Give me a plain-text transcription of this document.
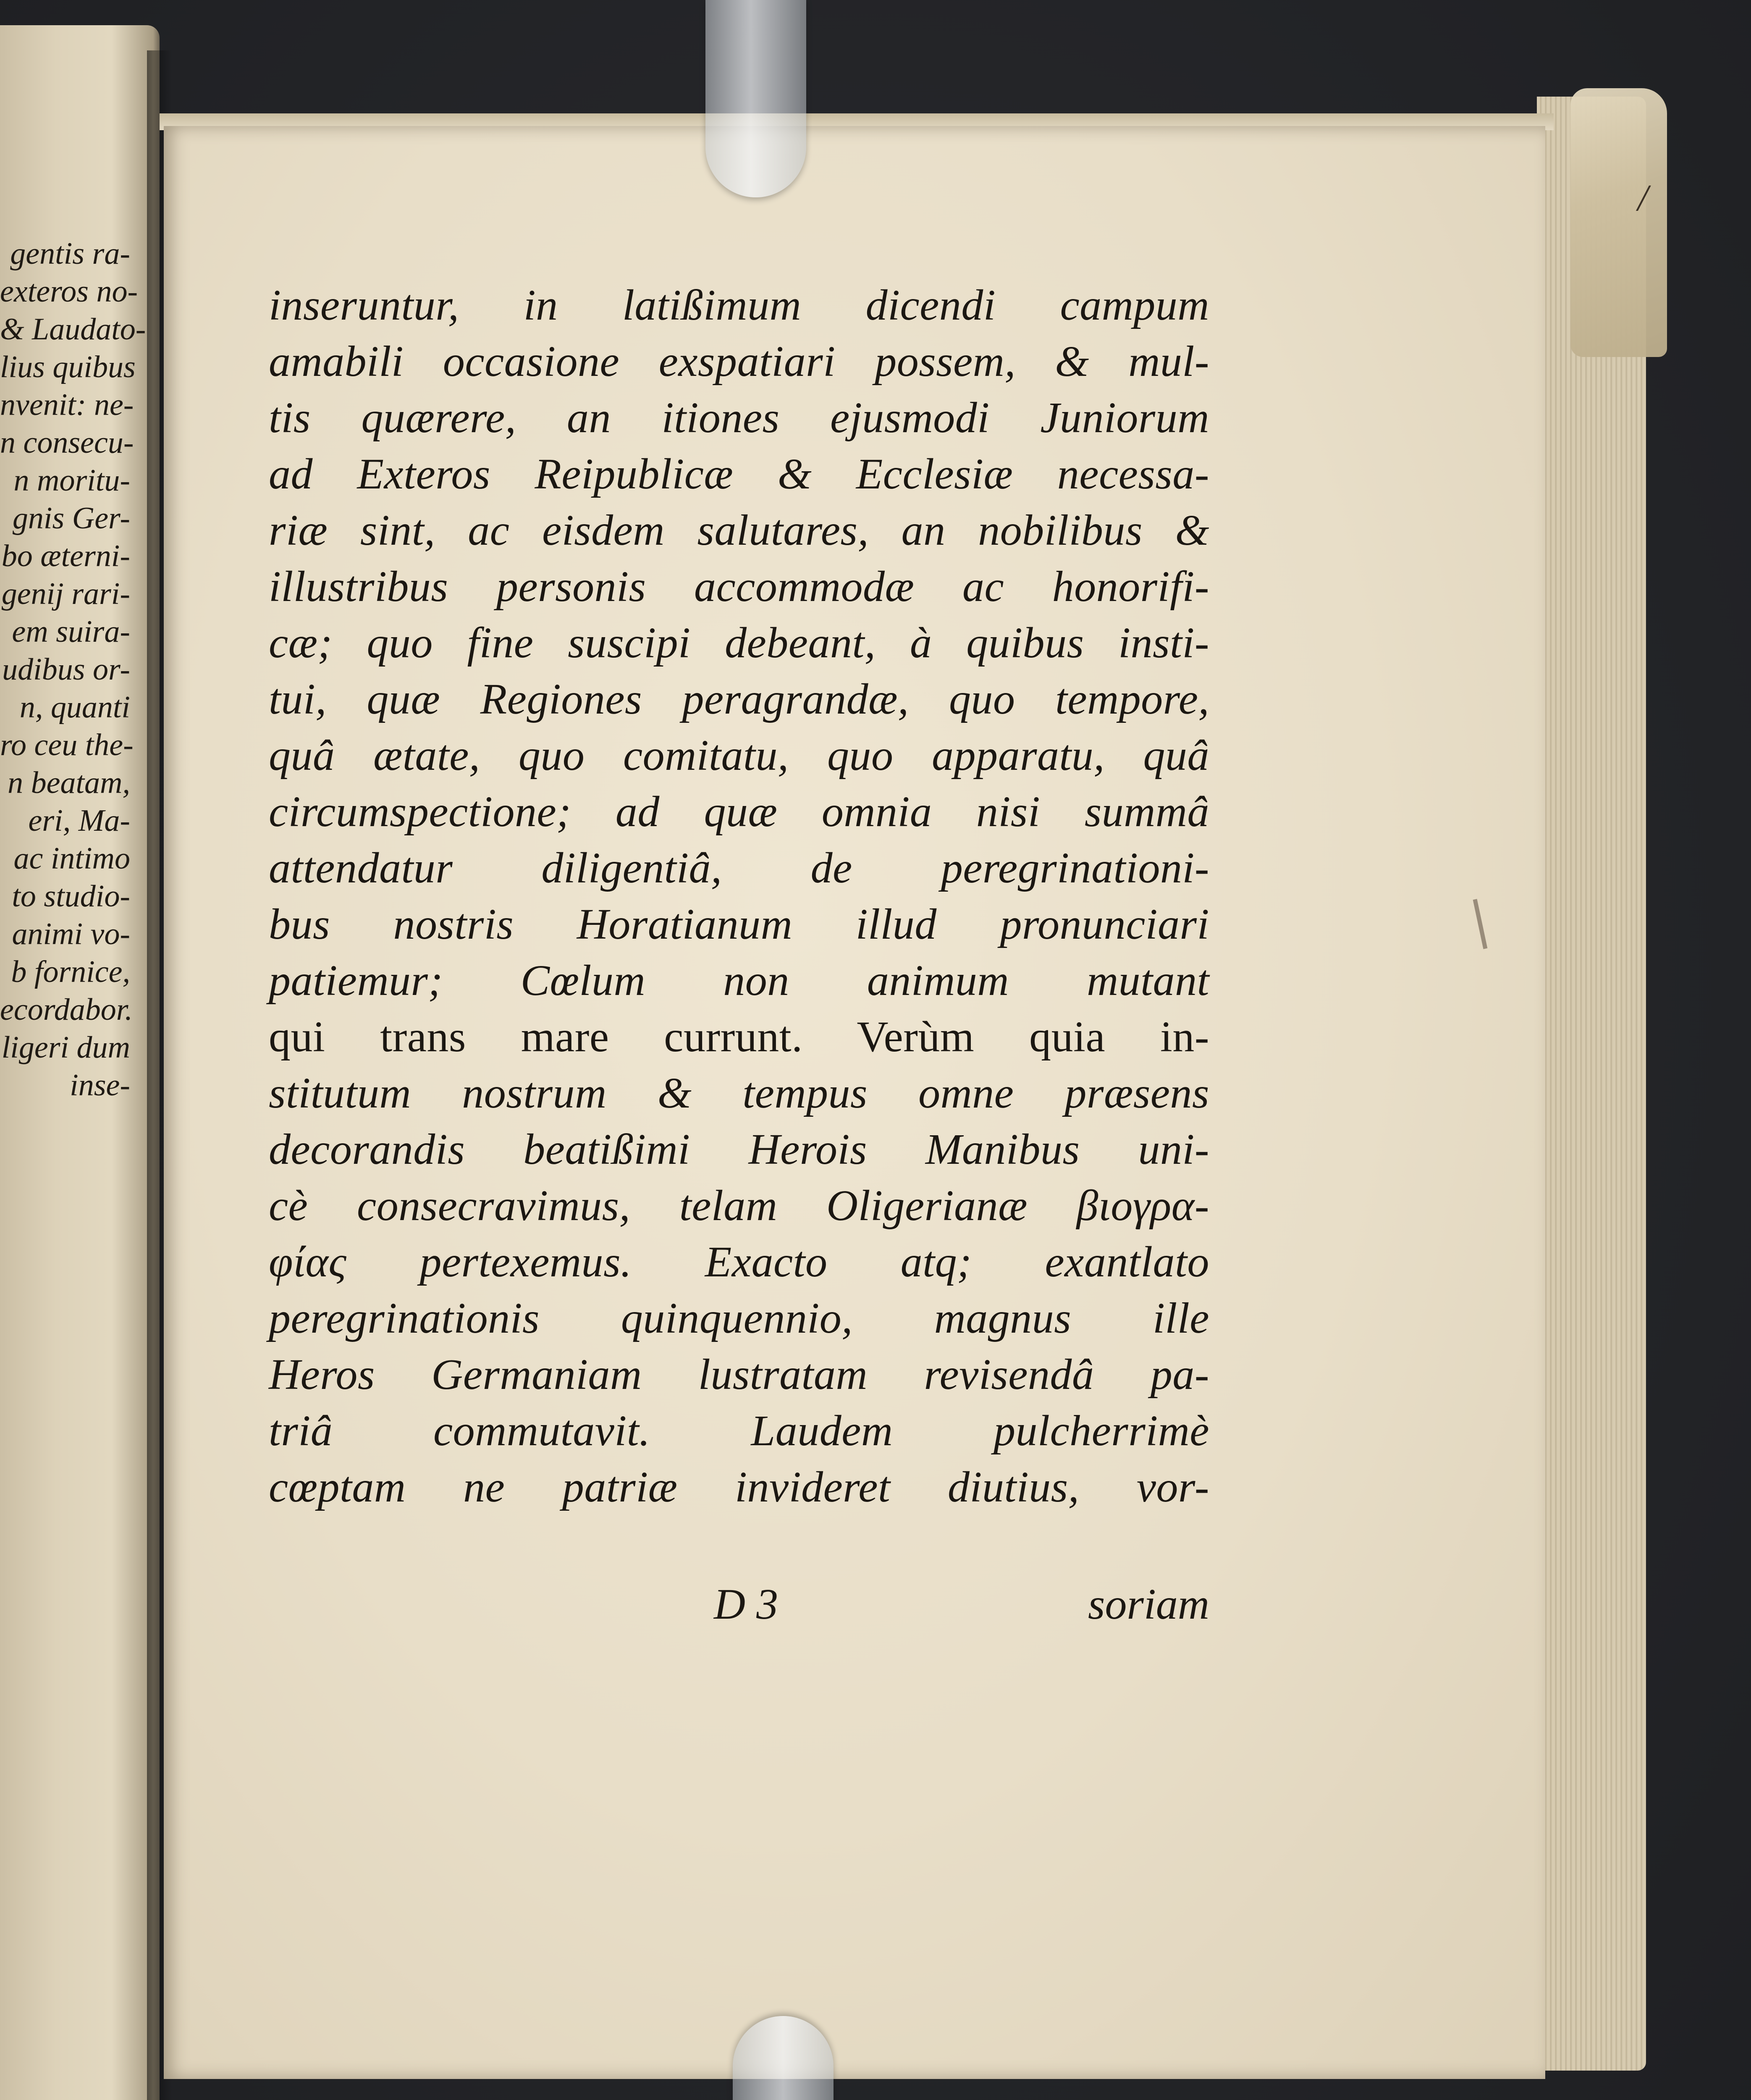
gentis ra-
exteros no-
& Laudato-
lius quibus
nvenit: ne-
n consecu-
n moritu-
gnis Ger-
bo æterni-
genij rari-
em suira-
udibus or-
n, quanti
ro ceu the-
n beatam,
eri, Ma-
ac intimo
to studio-
animi vo-
b fornice,
ecordabor.
ligeri dum
inse-
inseruntur, in latißimum dicendi campum
amabili occasione exspatiari possem, & mul-
tis quærere, an itiones ejusmodi Juniorum
ad Exteros Reipublicæ & Ecclesiæ necessa-
riæ sint, ac eisdem salutares, an nobilibus &
illustribus personis accommodæ ac honorifi-
cæ; quo fine suscipi debeant, à quibus insti-
tui, quæ Regiones peragrandæ, quo tempore,
quâ ætate, quo comitatu, quo apparatu, quâ
circumspectione; ad quæ omnia nisi summâ
attendatur diligentiâ, de peregrinationi-
bus nostris Horatianum illud pronunciari
patiemur; Cœlum non animum mutant
qui trans mare currunt. Verùm quia in-
stitutum nostrum & tempus omne præsens
decorandis beatißimi Herois Manibus uni-
cè consecravimus, telam Oligerianæ βιογρα-
φίας pertexemus. Exacto atq; exantlato
peregrinationis quinquennio, magnus ille
Heros Germaniam lustratam revisendâ pa-
triâ commutavit. Laudem pulcherrimè
cœptam ne patriæ invideret diutius, vor-
D 3	soriam
/
